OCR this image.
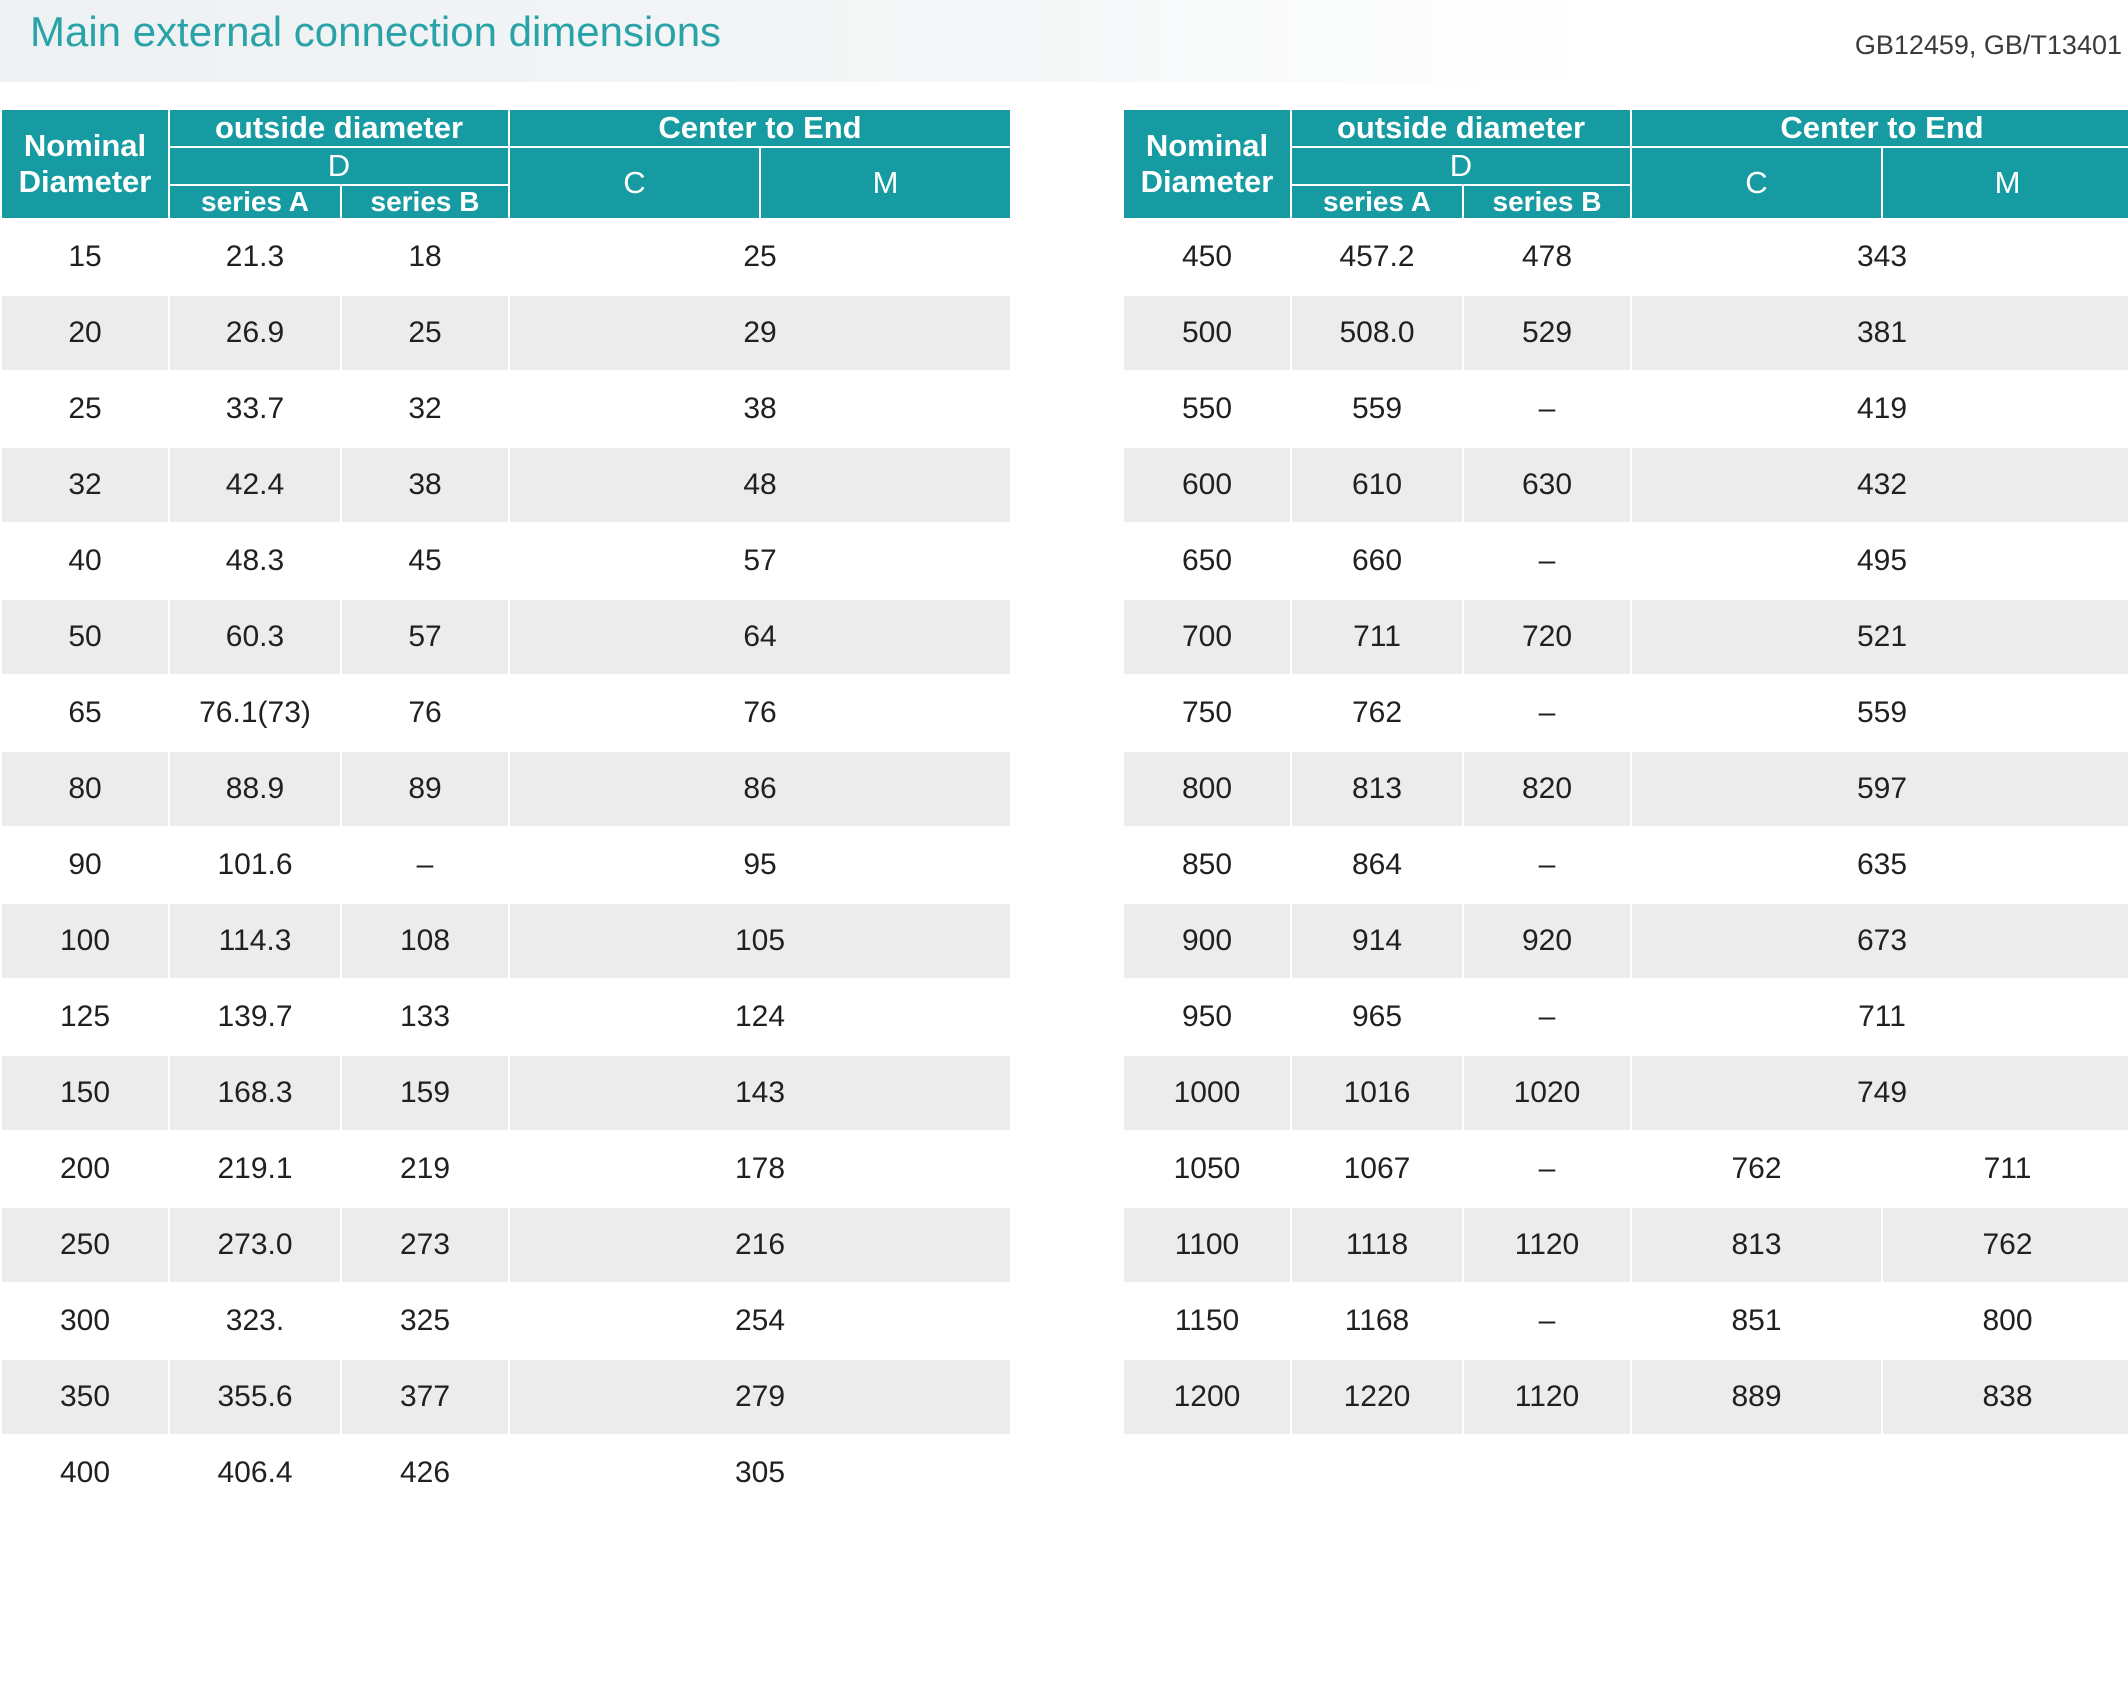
Main external connection dimensions	GB12459, GB/T13401
Nominal Diameter	outside diameter		Center to End	
	D		C	M
	series A	series B		
15	21.3	18	25	
20	26.9	25	29	
25	33.7	32	38	
32	42.4	38	48	
40	48.3	45	57	
50	60.3	57	64	
65	76.1(73)	76	76	
80	88.9	89	86	
90	101.6	–	95	
100	114.3	108	105	
125	139.7	133	124	
150	168.3	159	143	
200	219.1	219	178	
250	273.0	273	216	
300	323.	325	254	
350	355.6	377	279	
400	406.4	426	305	
Nominal Diameter	outside diameter		Center to End	
	D		C	M
	series A	series B		
450	457.2	478	343	
500	508.0	529	381	
550	559	–	419	
600	610	630	432	
650	660	–	495	
700	711	720	521	
750	762	–	559	
800	813	820	597	
850	864	–	635	
900	914	920	673	
950	965	–	711	
1000	1016	1020	749	
1050	1067	–	762	711
1100	1118	1120	813	762
1150	1168	–	851	800
1200	1220	1120	889	838
